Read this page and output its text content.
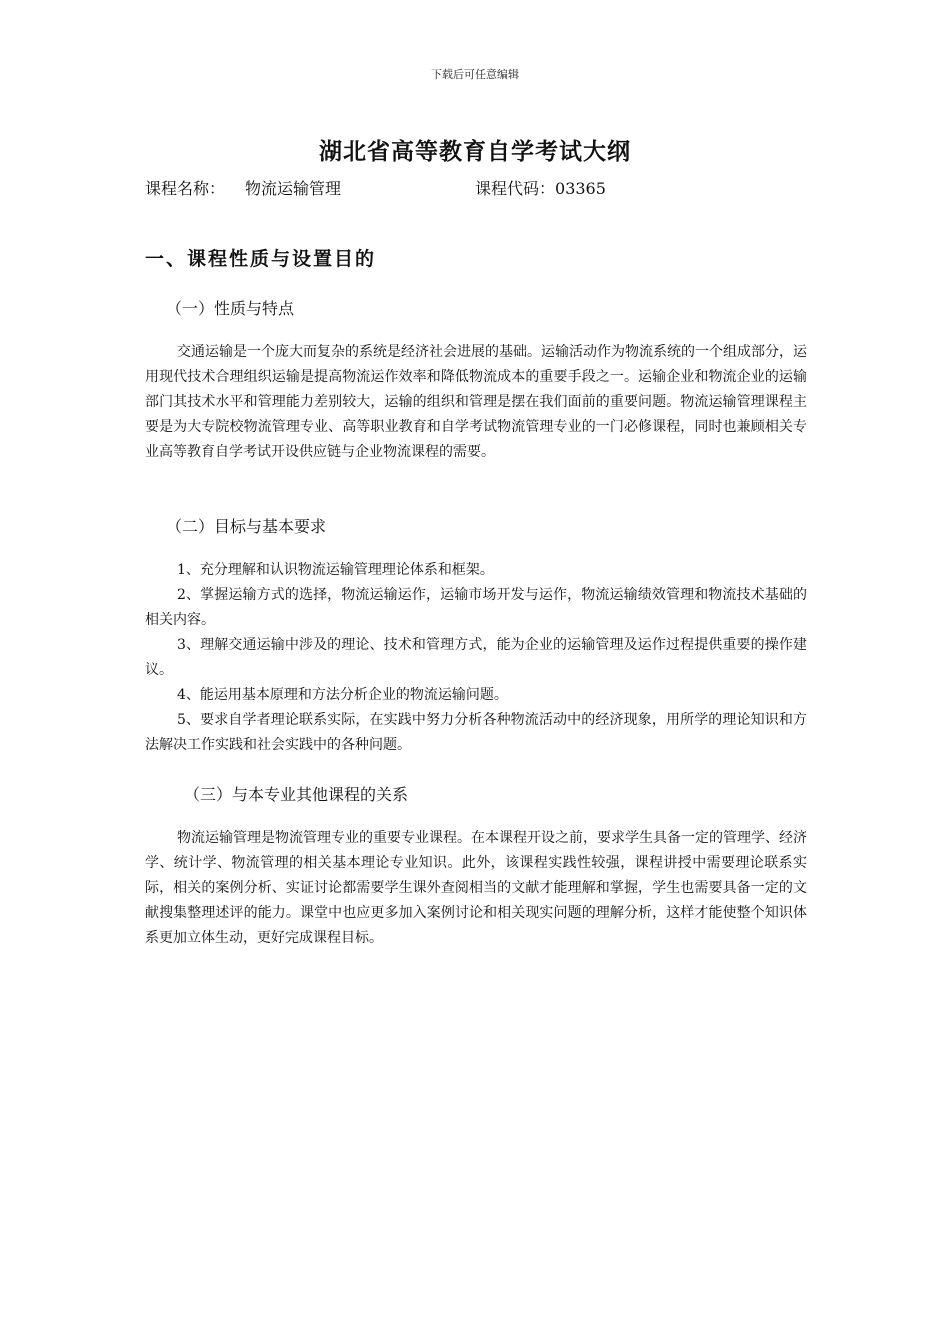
下载后可任意编辑
湖北省高等教育自学考试大纲
课程名称： 物流运输管理	课程代码：03365
一、课程性质与设置目的
（一）性质与特点

交通运输是一个庞大而复杂的系统是经济社会进展的基础。运输活动作为物流系统的一个组成部分，运用现代技术合理组织运输是提高物流运作效率和降低物流成本的重要手段之一。运输企业和物流企业的运输部门其技术水平和管理能力差别较大，运输的组织和管理是摆在我们面前的重要问题。物流运输管理课程主要是为大专院校物流管理专业、高等职业教育和自学考试物流管理专业的一门必修课程，同时也兼顾相关专业高等教育自学考试开设供应链与企业物流课程的需要。

（二）目标与基本要求
1、充分理解和认识物流运输管理理论体系和框架。
2、掌握运输方式的选择，物流运输运作，运输市场开发与运作，物流运输绩效管理和物流技术基础的相关内容。
3、理解交通运输中涉及的理论、技术和管理方式，能为企业的运输管理及运作过程提供重要的操作建议。
4、能运用基本原理和方法分析企业的物流运输问题。
5、要求自学者理论联系实际，在实践中努力分析各种物流活动中的经济现象，用所学的理论知识和方法解决工作实践和社会实践中的各种问题。
（三）与本专业其他课程的关系

物流运输管理是物流管理专业的重要专业课程。在本课程开设之前，要求学生具备一定的管理学、经济学、统计学、物流管理的相关基本理论专业知识。此外，该课程实践性较强，课程讲授中需要理论联系实际，相关的案例分析、实证讨论都需要学生课外查阅相当的文献才能理解和掌握，学生也需要具备一定的文献搜集整理述评的能力。课堂中也应更多加入案例讨论和相关现实问题的理解分析，这样才能使整个知识体系更加立体生动，更好完成课程目标。
